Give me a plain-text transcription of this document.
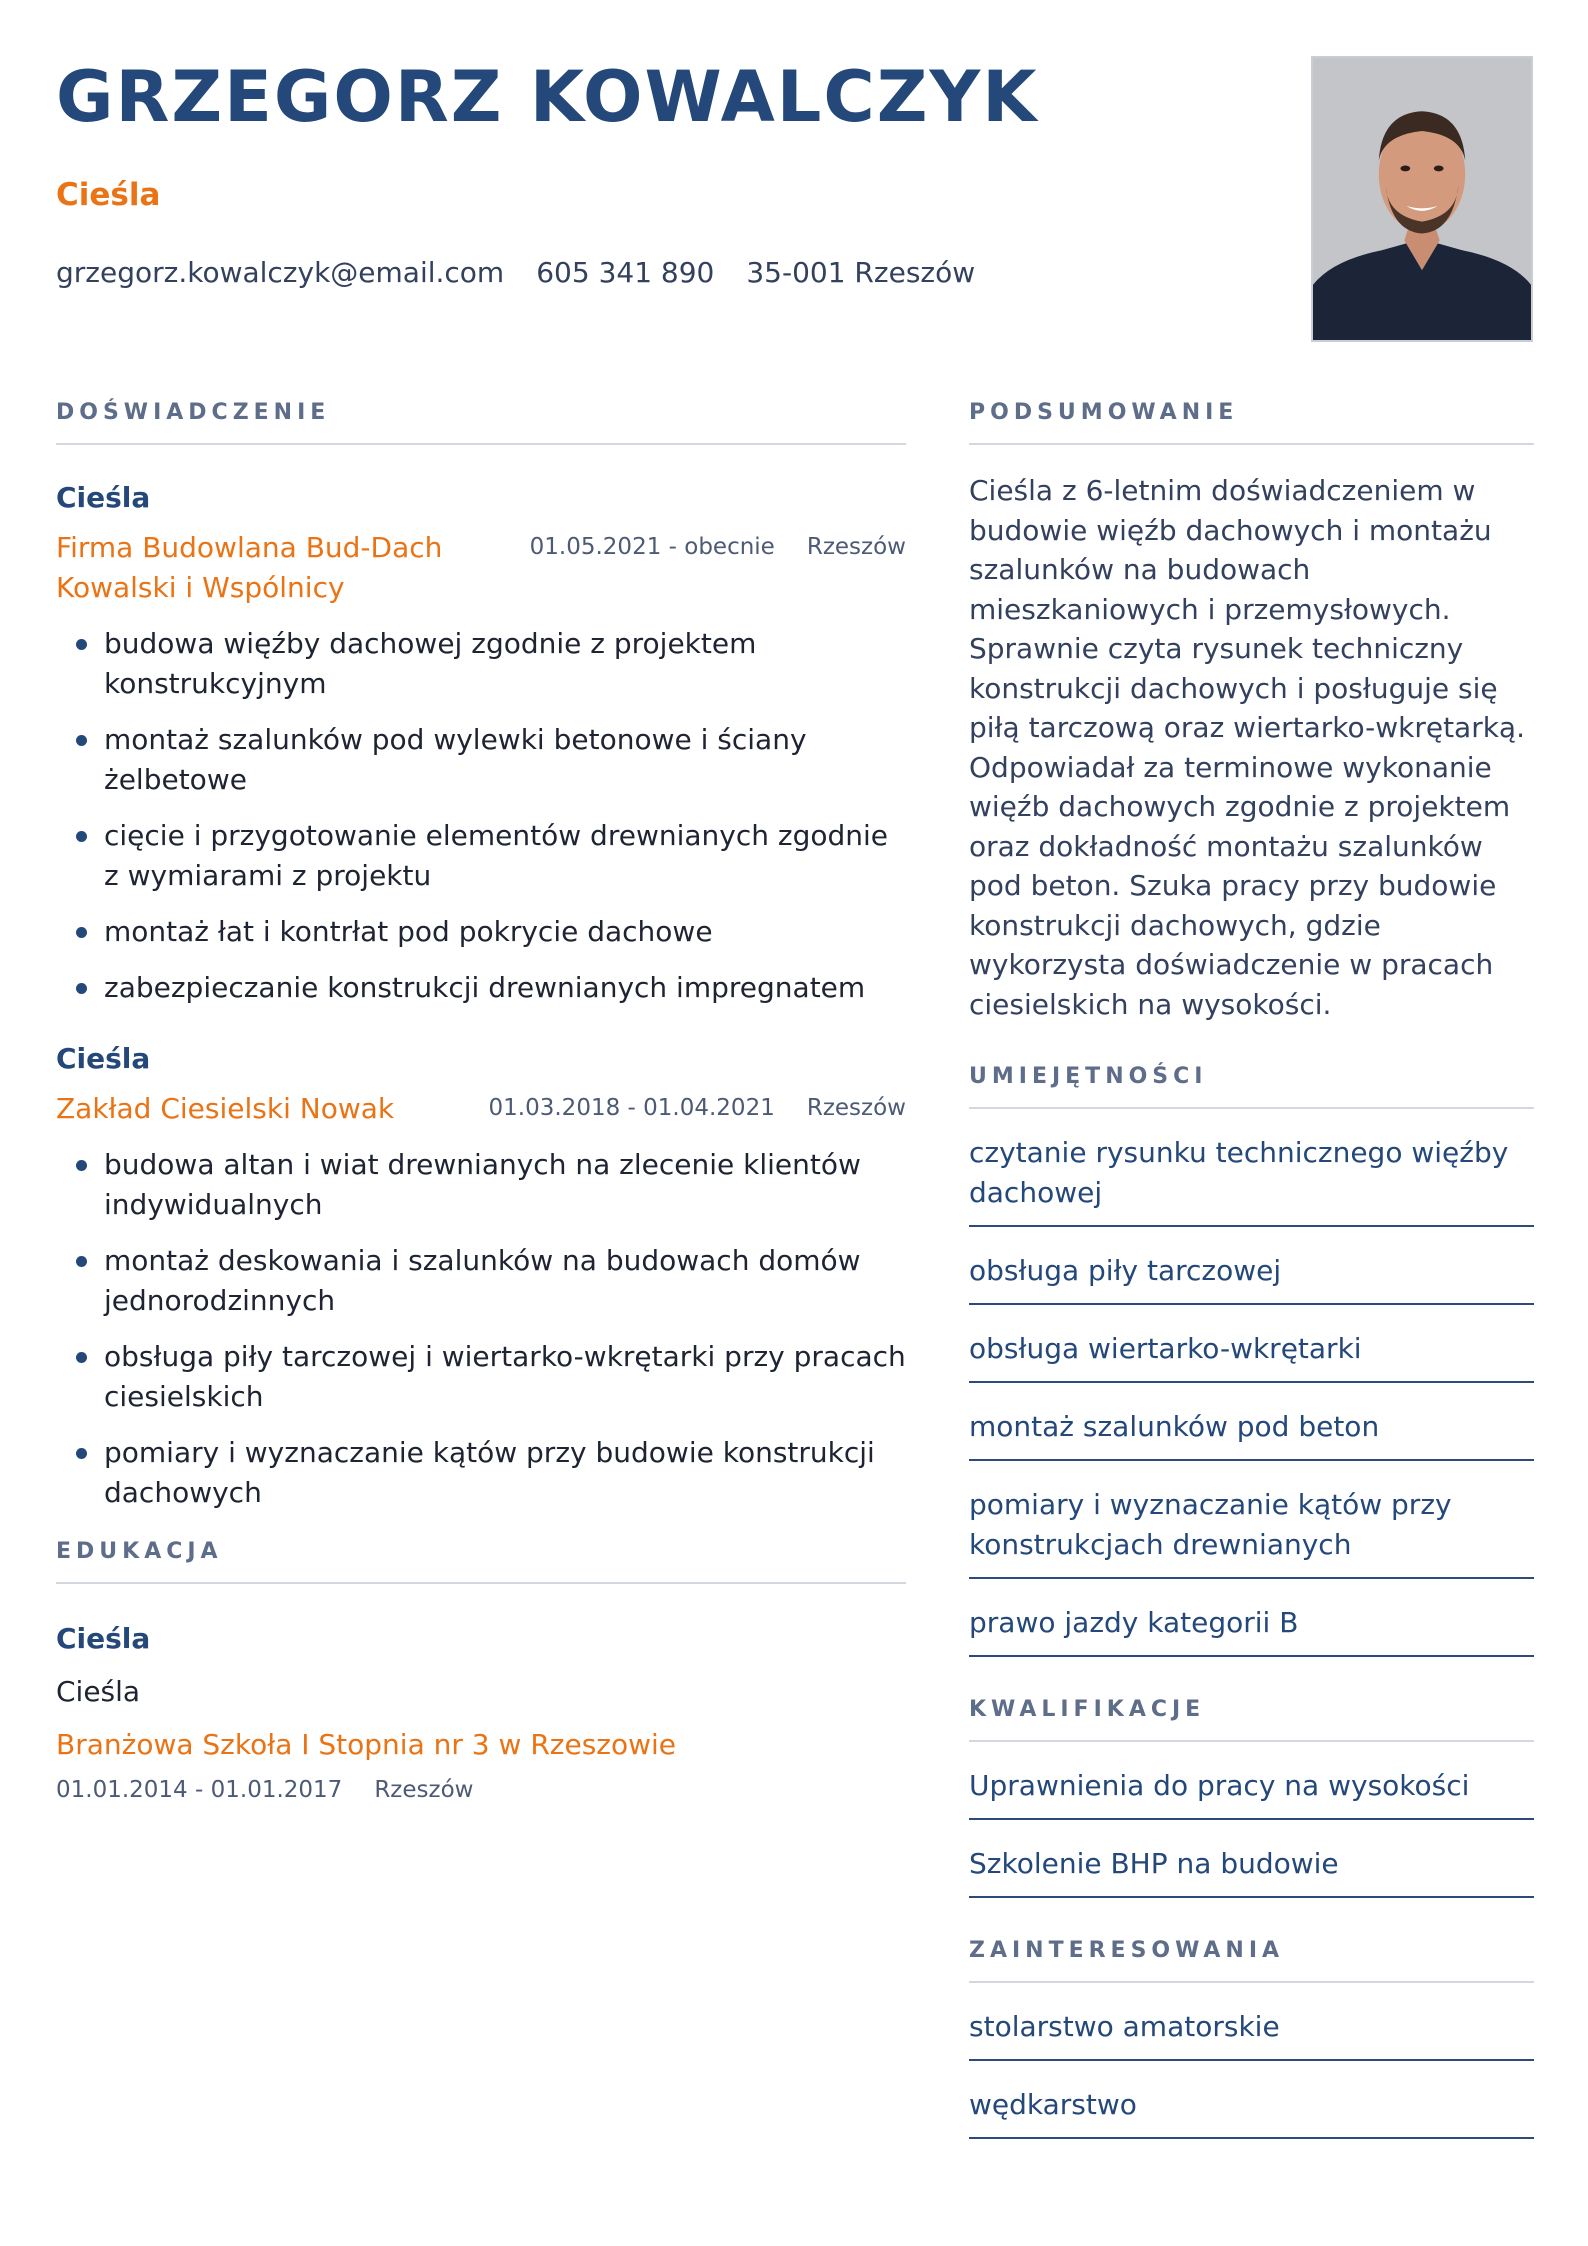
GRZEGORZ KOWALCZYK
Cieśla
grzegorz.kowalczyk@email.com 605 341 890 35-001 Rzeszów
DOŚWIADCZENIE
Cieśla
Firma Budowlana Bud-Dach Kowalski i Wspólnicy
01.05.2021 - obecnie Rzeszów
budowa więźby dachowej zgodnie z projektem konstrukcyjnym
montaż szalunków pod wylewki betonowe i ściany żelbetowe
cięcie i przygotowanie elementów drewnianych zgodnie z wymiarami z projektu
montaż łat i kontrłat pod pokrycie dachowe
zabezpieczanie konstrukcji drewnianych impregnatem
Cieśla
Zakład Ciesielski Nowak	01.03.2018 - 01.04.2021 Rzeszów
budowa altan i wiat drewnianych na zlecenie klientów indywidualnych
montaż deskowania i szalunków na budowach domów jednorodzinnych
obsługa piły tarczowej i wiertarko-wkrętarki przy pracach ciesielskich
pomiary i wyznaczanie kątów przy budowie konstrukcji dachowych
EDUKACJA
Cieśla
Cieśla
Branżowa Szkoła I Stopnia nr 3 w Rzeszowie
01.01.2014 - 01.01.2017 Rzeszów
PODSUMOWANIE

Cieśla z 6-letnim doświadczeniem w budowie więźb dachowych i montażu szalunków na budowach mieszkaniowych i przemysłowych. Sprawnie czyta rysunek techniczny konstrukcji dachowych i posługuje się piłą tarczową oraz wiertarko-wkrętarką. Odpowiadał za terminowe wykonanie więźb dachowych zgodnie z projektem oraz dokładność montażu szalunków pod beton. Szuka pracy przy budowie konstrukcji dachowych, gdzie wykorzysta doświadczenie w pracach ciesielskich na wysokości.

UMIEJĘTNOŚCI
czytanie rysunku technicznego więźby dachowej
obsługa piły tarczowej
obsługa wiertarko-wkrętarki
montaż szalunków pod beton
pomiary i wyznaczanie kątów przy konstrukcjach drewnianych
prawo jazdy kategorii B
KWALIFIKACJE
Uprawnienia do pracy na wysokości
Szkolenie BHP na budowie
ZAINTERESOWANIA
stolarstwo amatorskie
wędkarstwo
